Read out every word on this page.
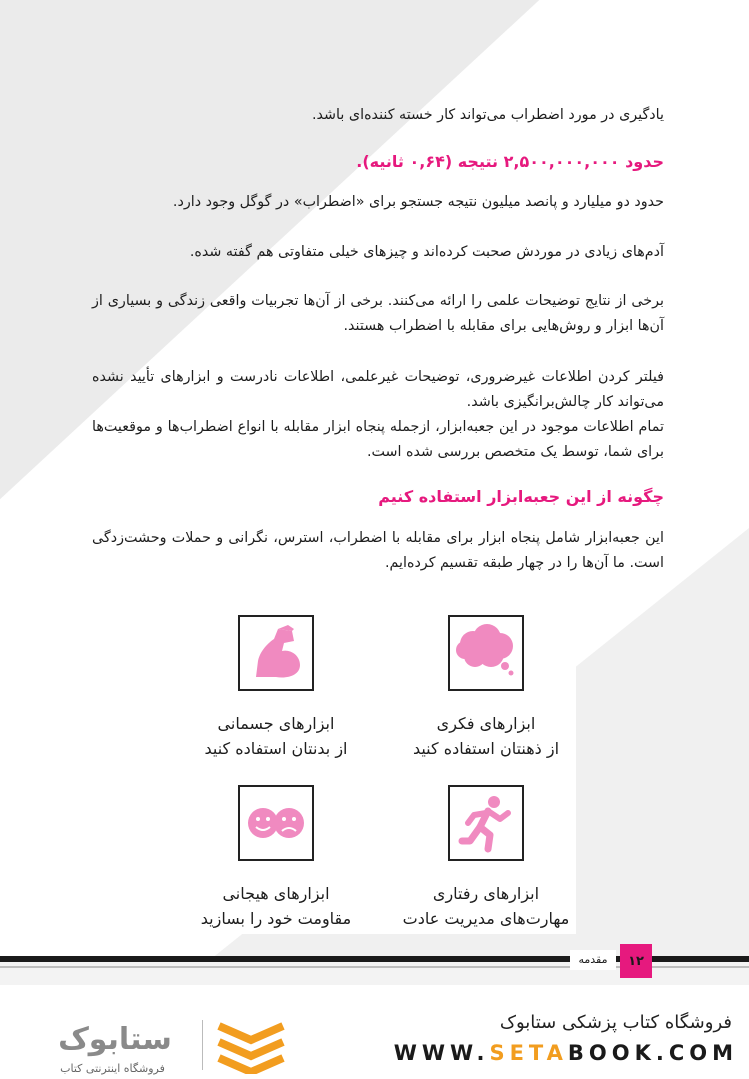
یادگیری در مورد اضطراب می‌تواند کار خسته کننده‌ای باشد.
حدود ۲,۵۰۰,۰۰۰,۰۰۰ نتیجه (۰,۶۴ ثانیه).
حدود دو میلیارد و پانصد میلیون نتیجه جستجو برای «اضطراب» در گوگل وجود دارد.
آدم‌های زیادی در موردش صحبت کرده‌اند و چیزهای خیلی متفاوتی هم گفته شده.
برخی از نتایج توضیحات علمی را ارائه می‌کنند. برخی از آن‌ها تجربیات واقعی زندگی و بسیاری از آن‌ها ابزار و روش‌هایی برای مقابله با اضطراب هستند.
فیلتر کردن اطلاعات غیرضروری، توضیحات غیرعلمی، اطلاعات نادرست و ابزارهای تأیید نشده می‌تواند کار چالش‌برانگیزی باشد.
تمام اطلاعات موجود در این جعبه‌ابزار، ازجمله پنجاه ابزار مقابله با انواع اضطراب‌ها و موقعیت‌ها برای شما، توسط یک متخصص بررسی شده است.
چگونه از این جعبه‌ابزار استفاده کنیم
این جعبه‌ابزار شامل پنجاه ابزار برای مقابله با اضطراب، استرس، نگرانی و حملات وحشت‌زدگی است. ما آن‌ها را در چهار طبقه تقسیم کرده‌ایم.
ابزارهای فکری
از ذهنتان استفاده کنید
ابزارهای جسمانی
از بدنتان استفاده کنید
ابزارهای رفتاری
مهارت‌های مدیریت عادت
ابزارهای هیجانی
مقاومت خود را بسازید
مقدمه	۱۲
فروشگاه کتاب پزشکی ستابوک
WWW.SETABOOK.COM
ستابوک
فروشگاه اینترنتی کتاب
